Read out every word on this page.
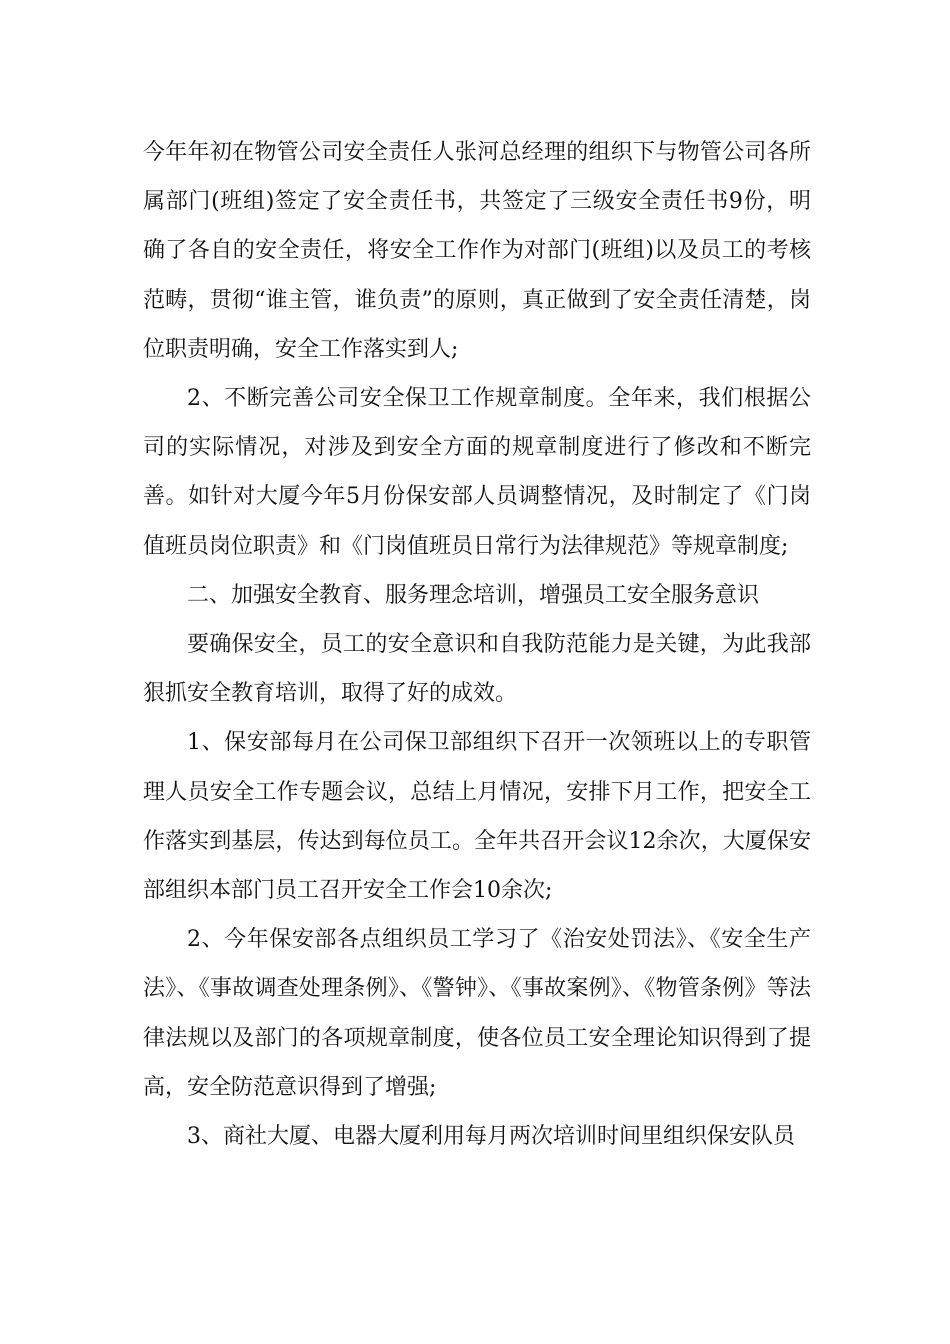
今年年初在物管公司安全责任人张河总经理的组织下与物管公司各所属部门(班组)签定了安全责任书，共签定了三级安全责任书9份，明确了各自的安全责任，将安全工作作为对部门(班组)以及员工的考核范畴，贯彻“谁主管，谁负责”的原则，真正做到了安全责任清楚，岗位职责明确，安全工作落实到人;

2、不断完善公司安全保卫工作规章制度。全年来，我们根据公司的实际情况，对涉及到安全方面的规章制度进行了修改和不断完善。如针对大厦今年5月份保安部人员调整情况，及时制定了《门岗值班员岗位职责》和《门岗值班员日常行为法律规范》等规章制度;

二、加强安全教育、服务理念培训，增强员工安全服务意识

要确保安全，员工的安全意识和自我防范能力是关键，为此我部狠抓安全教育培训，取得了好的成效。

1、保安部每月在公司保卫部组织下召开一次领班以上的专职管理人员安全工作专题会议，总结上月情况，安排下月工作，把安全工作落实到基层，传达到每位员工。全年共召开会议12余次，大厦保安部组织本部门员工召开安全工作会10余次;

2、今年保安部各点组织员工学习了《治安处罚法》、《安全生产法》、《事故调查处理条例》、《警钟》、《事故案例》、《物管条例》等法律法规以及部门的各项规章制度，使各位员工安全理论知识得到了提高，安全防范意识得到了增强;

3、商社大厦、电器大厦利用每月两次培训时间里组织保安队员
